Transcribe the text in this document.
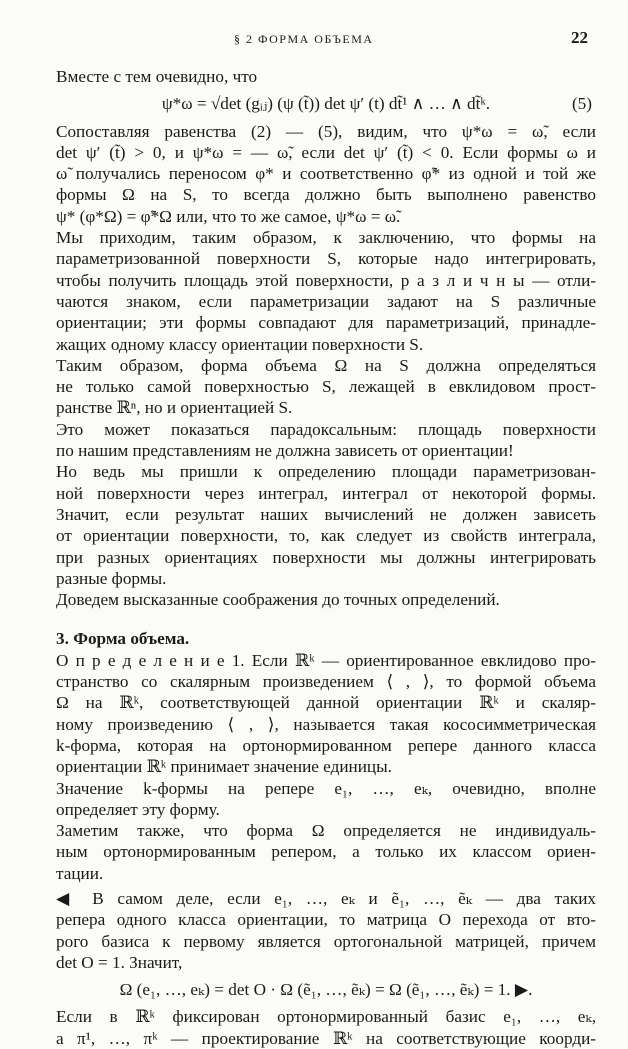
§ 2 ФОРМА ОБЪЕМА	22
Вместе с тем очевидно, что
ψ*ω = √det (gᵢⱼ) (ψ (t̃)) det ψ′ (t) dt̃¹ ∧ … ∧ dt̃ᵏ.	(5)
Сопоставляя равенства (2) — (5), видим, что ψ*ω = ω̃, если
det ψ′ (t̃) > 0, и ψ*ω = — ω̃, если det ψ′ (t̃) < 0. Если формы ω и
ω̃ получались переносом φ* и соответственно φ̃* из одной и той же
формы Ω на S, то всегда должно быть выполнено равенство
ψ* (φ*Ω) = φ̃*Ω или, что то же самое, ψ*ω = ω̃.
Мы приходим, таким образом, к заключению, что формы на
параметризованной поверхности S, которые надо интегрировать,
чтобы получить площадь этой поверхности, р а з л и ч н ы — отли-
чаются знаком, если параметризации задают на S различные
ориентации; эти формы совпадают для параметризаций, принадле-
жащих одному классу ориентации поверхности S.
Таким образом, форма объема Ω на S должна определяться
не только самой поверхностью S, лежащей в евклидовом прост-
ранстве ℝⁿ, но и ориентацией S.
Это может показаться парадоксальным: площадь поверхности
по нашим представлениям не должна зависеть от ориентации!
Но ведь мы пришли к определению площади параметризован-
ной поверхности через интеграл, интеграл от некоторой формы.
Значит, если результат наших вычислений не должен зависеть
от ориентации поверхности, то, как следует из свойств интеграла,
при разных ориентациях поверхности мы должны интегрировать
разные формы.
Доведем высказанные соображения до точных определений.
3. Форма объема.
О п р е д е л е н и е 1. Если ℝᵏ — ориентированное евклидово про-
странство со скалярным произведением ⟨ , ⟩, то формой объема
Ω на ℝᵏ, соответствующей данной ориентации ℝᵏ и скаляр-
ному произведению ⟨ , ⟩, называется такая кососимметрическая
k-форма, которая на ортонормированном репере данного класса
ориентации ℝᵏ принимает значение единицы.
Значение k-формы на репере e₁, …, eₖ, очевидно, вполне
определяет эту форму.
Заметим также, что форма Ω определяется не индивидуаль-
ным ортонормированным репером, а только их классом ориен-
тации.
◀ В самом деле, если e₁, …, eₖ и ẽ₁, …, ẽₖ — два таких
репера одного класса ориентации, то матрица O перехода от вто-
рого базиса к первому является ортогональной матрицей, причем
det O = 1. Значит,
Ω (e₁, …, eₖ) = det O · Ω (ẽ₁, …, ẽₖ) = Ω (ẽ₁, …, ẽₖ) = 1. ▶.
Если в ℝᵏ фиксирован ортонормированный базис e₁, …, eₖ,
а π¹, …, πᵏ — проектирование ℝᵏ на соответствующие коорди-
